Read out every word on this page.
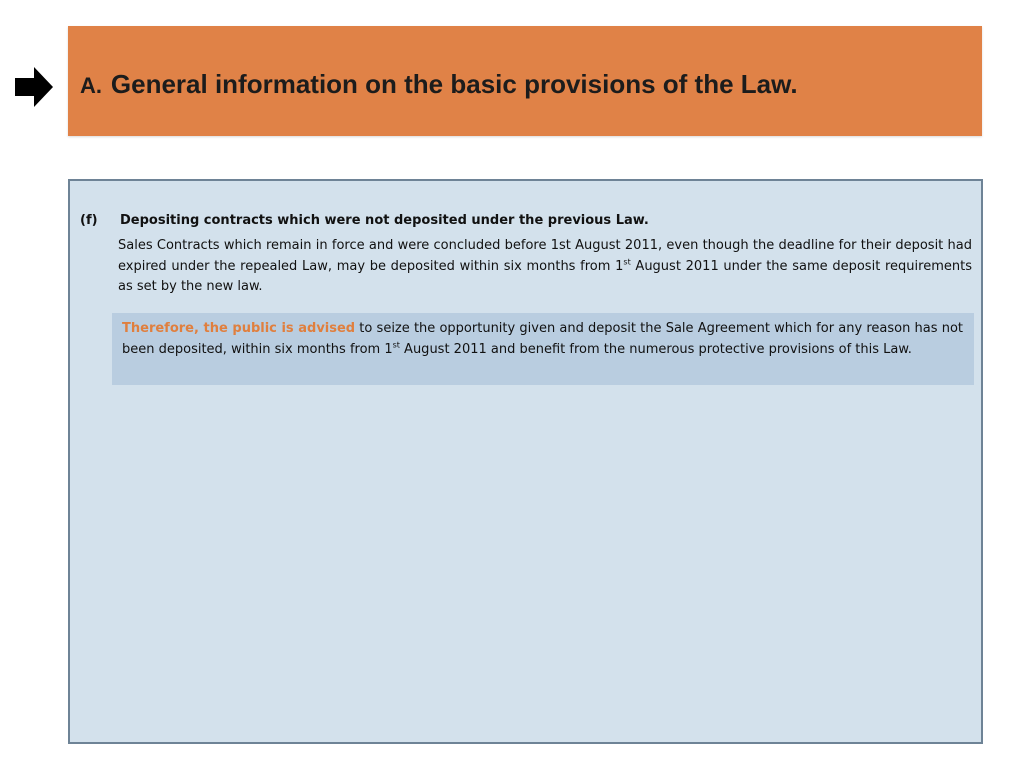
A. General information on the basic provisions of the Law.
(f) Depositing contracts which were not deposited under the previous Law.

Sales Contracts which remain in force and were concluded before 1st August 2011, even though the deadline for their deposit had expired under the repealed Law, may be deposited within six months from 1st August 2011 under the same deposit requirements as set by the new law.

Therefore, the public is advised to seize the opportunity given and deposit the Sale Agreement which for any reason has not been deposited, within six months from 1st August 2011 and benefit from the numerous protective provisions of this Law.
